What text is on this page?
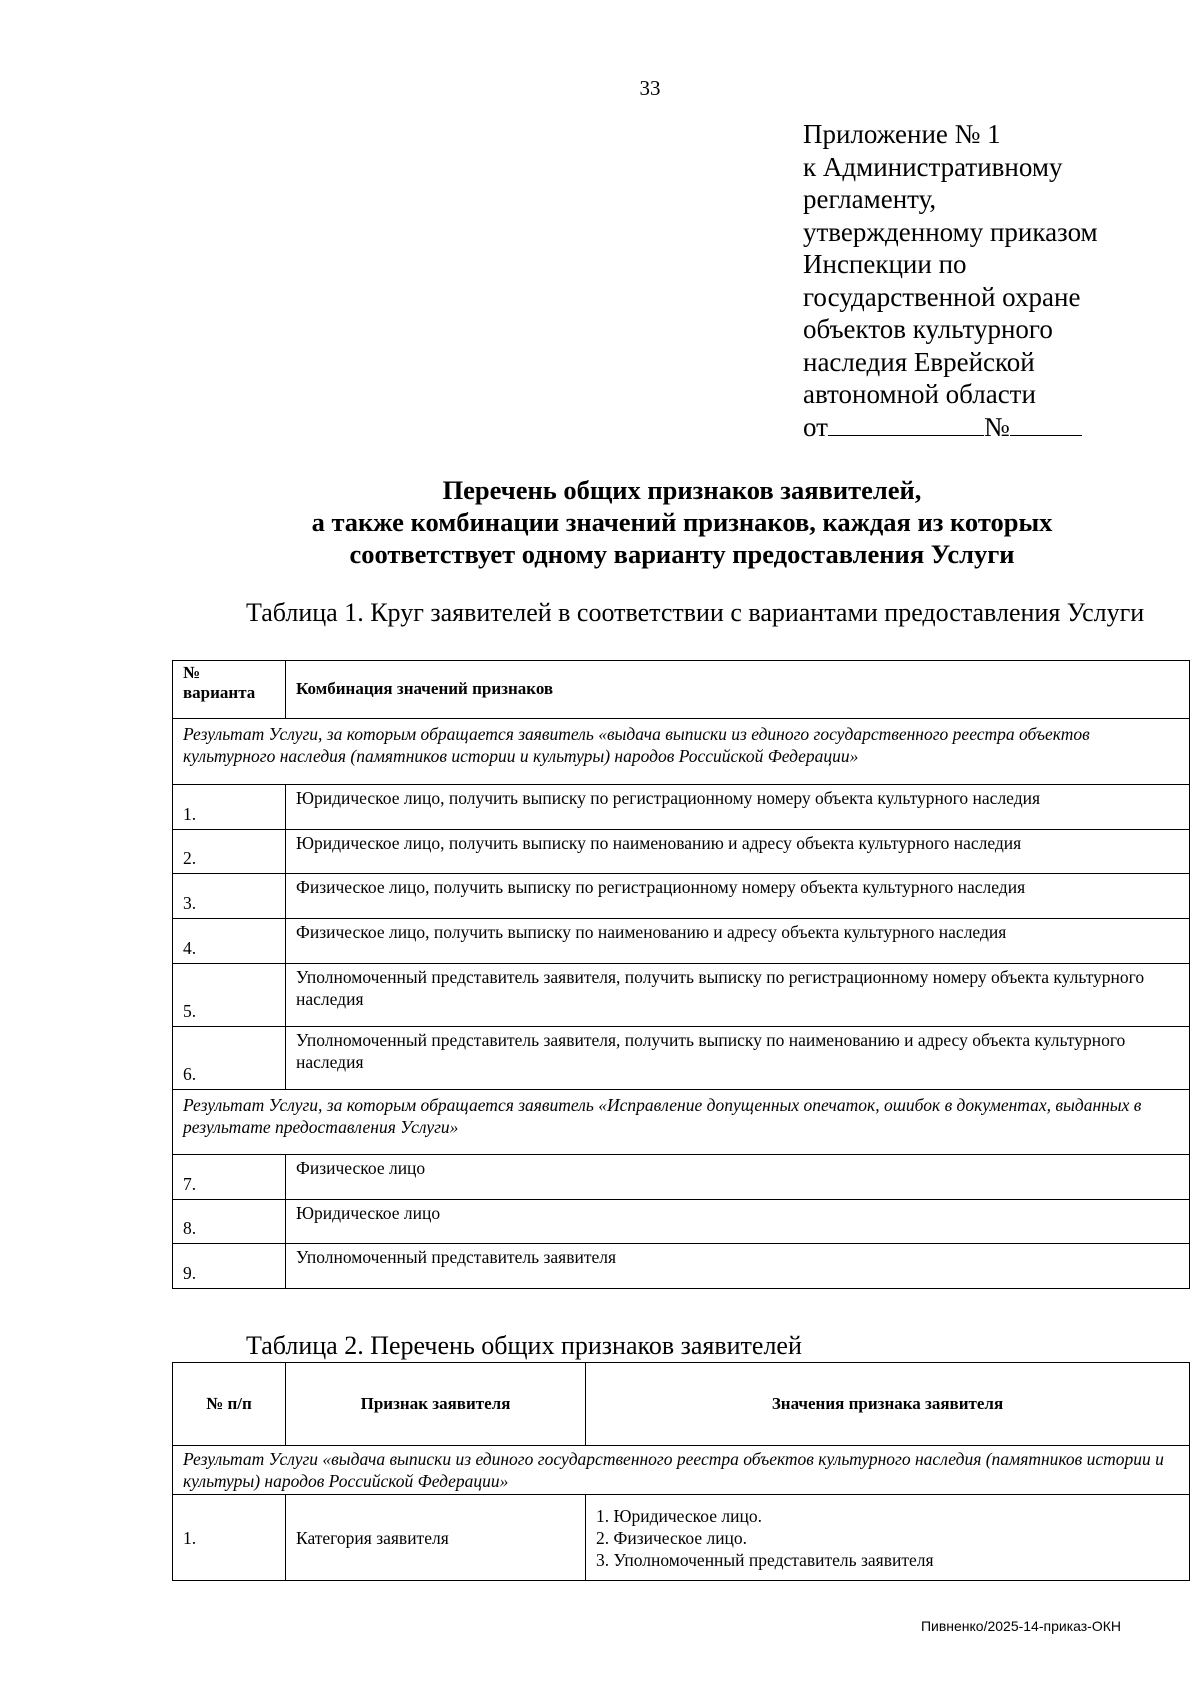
33
Приложение № 1
к Административному
регламенту,
утвержденному приказом
Инспекции по
государственной охране
объектов культурного
наследия Еврейской
автономной области
от	№
Перечень общих признаков заявителей,
а также комбинации значений признаков, каждая из которых
соответствует одному варианту предоставления Услуги
Таблица 1. Круг заявителей в соответствии с вариантами предоставления Услуги
№ варианта	Комбинация значений признаков
Результат Услуги, за которым обращается заявитель «выдача выписки из единого государственного реестра объектов культурного наследия (памятников истории и культуры) народов Российской Федерации»	
1.	Юридическое лицо, получить выписку по регистрационному номеру объекта культурного наследия
2.	Юридическое лицо, получить выписку по наименованию и адресу объекта культурного наследия
3.	Физическое лицо, получить выписку по регистрационному номеру объекта культурного наследия
4.	Физическое лицо, получить выписку по наименованию и адресу объекта культурного наследия
5.	Уполномоченный представитель заявителя, получить выписку по регистрационному номеру объекта культурного наследия
6.	Уполномоченный представитель заявителя, получить выписку по наименованию и адресу объекта культурного наследия
Результат Услуги, за которым обращается заявитель «Исправление допущенных опечаток, ошибок в документах, выданных в результате предоставления Услуги»	
7.	Физическое лицо
8.	Юридическое лицо
9.	Уполномоченный представитель заявителя
Таблица 2. Перечень общих признаков заявителей
№ п/п	Признак заявителя	Значения признака заявителя
Результат Услуги «выдача выписки из единого государственного реестра объектов культурного наследия (памятников истории и культуры) народов Российской Федерации»		
1.	Категория заявителя	1. Юридическое лицо.
2. Физическое лицо.
3. Уполномоченный представитель заявителя
Пивненко/2025-14-приказ-ОКН
